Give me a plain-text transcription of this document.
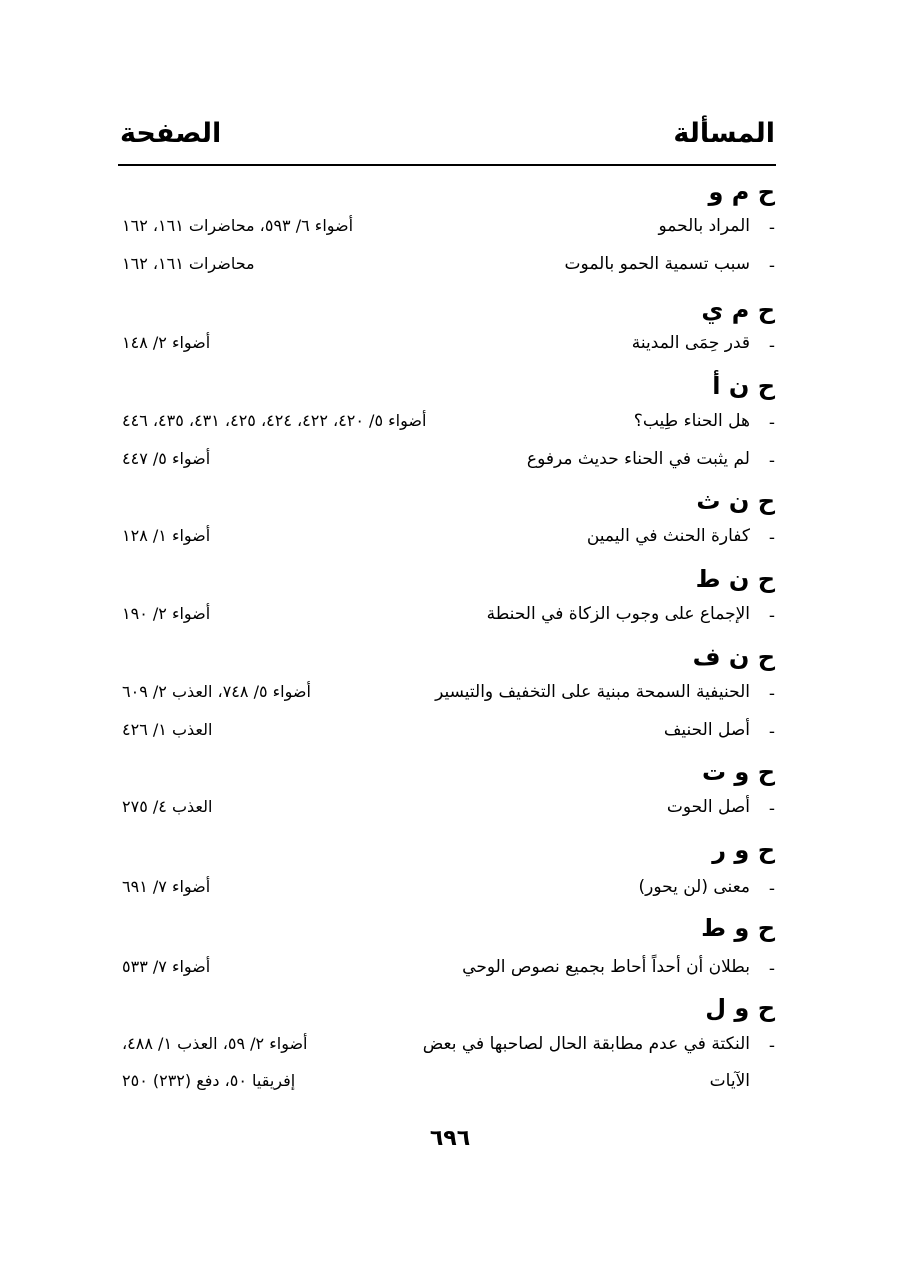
المسألة
الصفحة
ح م و
-
المراد بالحمو
أضواء ٦/ ٥٩٣، محاضرات ١٦١، ١٦٢
-
سبب تسمية الحمو بالموت
محاضرات ١٦١، ١٦٢
ح م ي
-
قدر حِمَى المدينة
أضواء ٢/ ١٤٨
ح ن أ
-
هل الحناء طِيب؟
أضواء ٥/ ٤٢٠، ٤٢٢، ٤٢٤، ٤٢٥، ٤٣١، ٤٣٥، ٤٤٦
-
لم يثبت في الحناء حديث مرفوع
أضواء ٥/ ٤٤٧
ح ن ث
-
كفارة الحنث في اليمين
أضواء ١/ ١٢٨
ح ن ط
-
الإجماع على وجوب الزكاة في الحنطة
أضواء ٢/ ١٩٠
ح ن ف
-
الحنيفية السمحة مبنية على التخفيف والتيسير
أضواء ٥/ ٧٤٨، العذب ٢/ ٦٠٩
-
أصل الحنيف
العذب ١/ ٤٢٦
ح و ت
-
أصل الحوت
العذب ٤/ ٢٧٥
ح و ر
-
معنى (لن يحور)
أضواء ٧/ ٦٩١
ح و ط
-
بطلان أن أحداً أحاط بجميع نصوص الوحي
أضواء ٧/ ٥٣٣
ح و ل
-
النكتة في عدم مطابقة الحال لصاحبها في بعض
أضواء ٢/ ٥٩، العذب ١/ ٤٨٨،
الآيات
إفريقيا ٥٠، دفع (٢٣٢) ٢٥٠
٦٩٦
